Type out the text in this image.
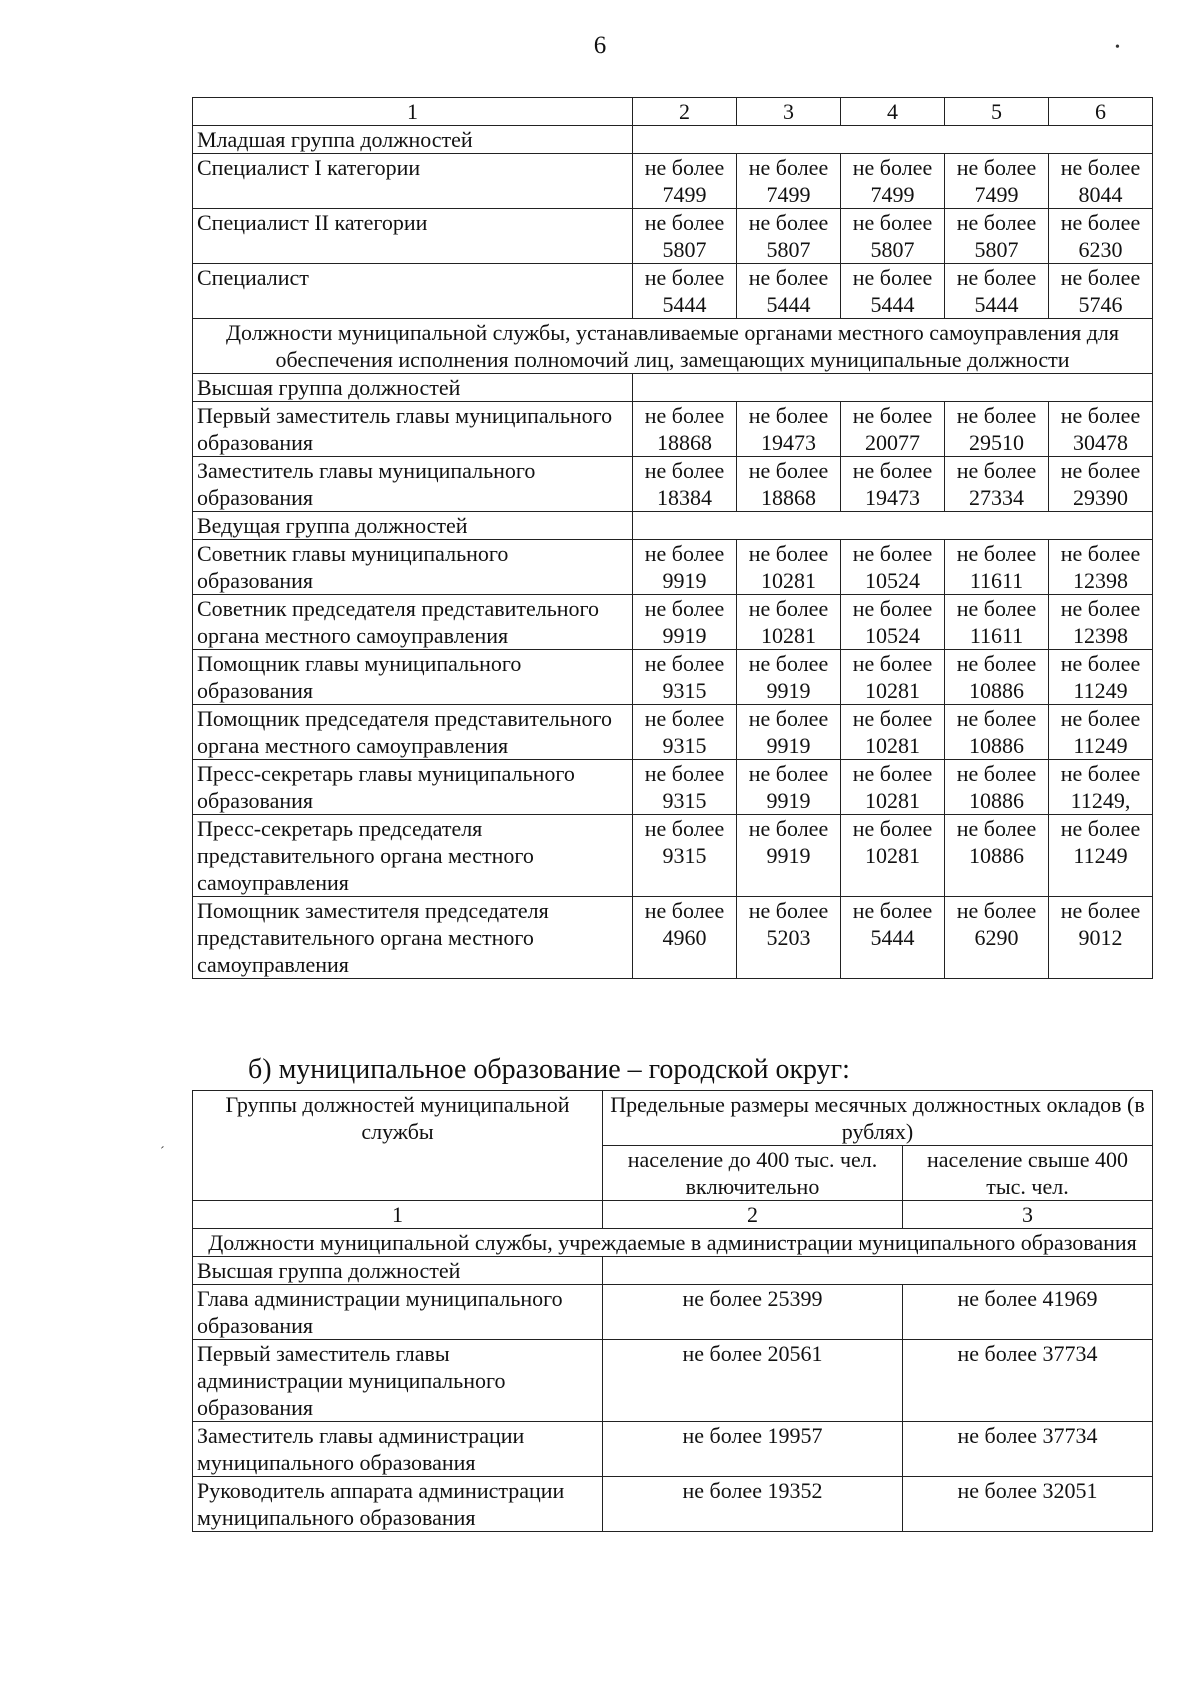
6	•
ˊ
1	2	3	4	5	6
Младшая группа должностей					
Специалист I категории	не более 7499	не более 7499	не более 7499	не более 7499	не более 8044
Специалист II категории	не более 5807	не более 5807	не более 5807	не более 5807	не более 6230
Специалист	не более 5444	не более 5444	не более 5444	не более 5444	не более 5746
Должности муниципальной службы, устанавливаемые органами местного самоуправления для обеспечения исполнения полномочий лиц, замещающих муниципальные должности					
Высшая группа должностей					
Первый заместитель главы муниципального образования	не более 18868	не более 19473	не более 20077	не более 29510	не более 30478
Заместитель главы муниципального образования	не более 18384	не более 18868	не более 19473	не более 27334	не более 29390
Ведущая группа должностей					
Советник главы муниципального образования	не более 9919	не более 10281	не более 10524	не более 11611	не более 12398
Советник председателя представительного органа местного самоуправления	не более 9919	не более 10281	не более 10524	не более 11611	не более 12398
Помощник главы муниципального образования	не более 9315	не более 9919	не более 10281	не более 10886	не более 11249
Помощник председателя представительного органа местного самоуправления	не более 9315	не более 9919	не более 10281	не более 10886	не более 11249
Пресс-секретарь главы муниципального образования	не более 9315	не более 9919	не более 10281	не более 10886	не более 11249,
Пресс-секретарь председателя представительного органа местного самоуправления	не более 9315	не более 9919	не более 10281	не более 10886	не более 11249
Помощник заместителя председателя представительного органа местного самоуправления	не более 4960	не более 5203	не более 5444	не более 6290	не более 9012
б) муниципальное образование – городской округ:
Группы должностей муниципальной службы	Предельные размеры месячных должностных окладов (в рублях)	
	население до 400 тыс. чел. включительно	население свыше 400 тыс. чел.
1	2	3
Должности муниципальной службы, учреждаемые в администрации муниципального образования		
Высшая группа должностей		
Глава администрации муниципального образования	не более 25399	не более 41969
Первый заместитель главы администрации муниципального образования	не более 20561	не более 37734
Заместитель главы администрации муниципального образования	не более 19957	не более 37734
Руководитель аппарата администрации муниципального образования	не более 19352	не более 32051
